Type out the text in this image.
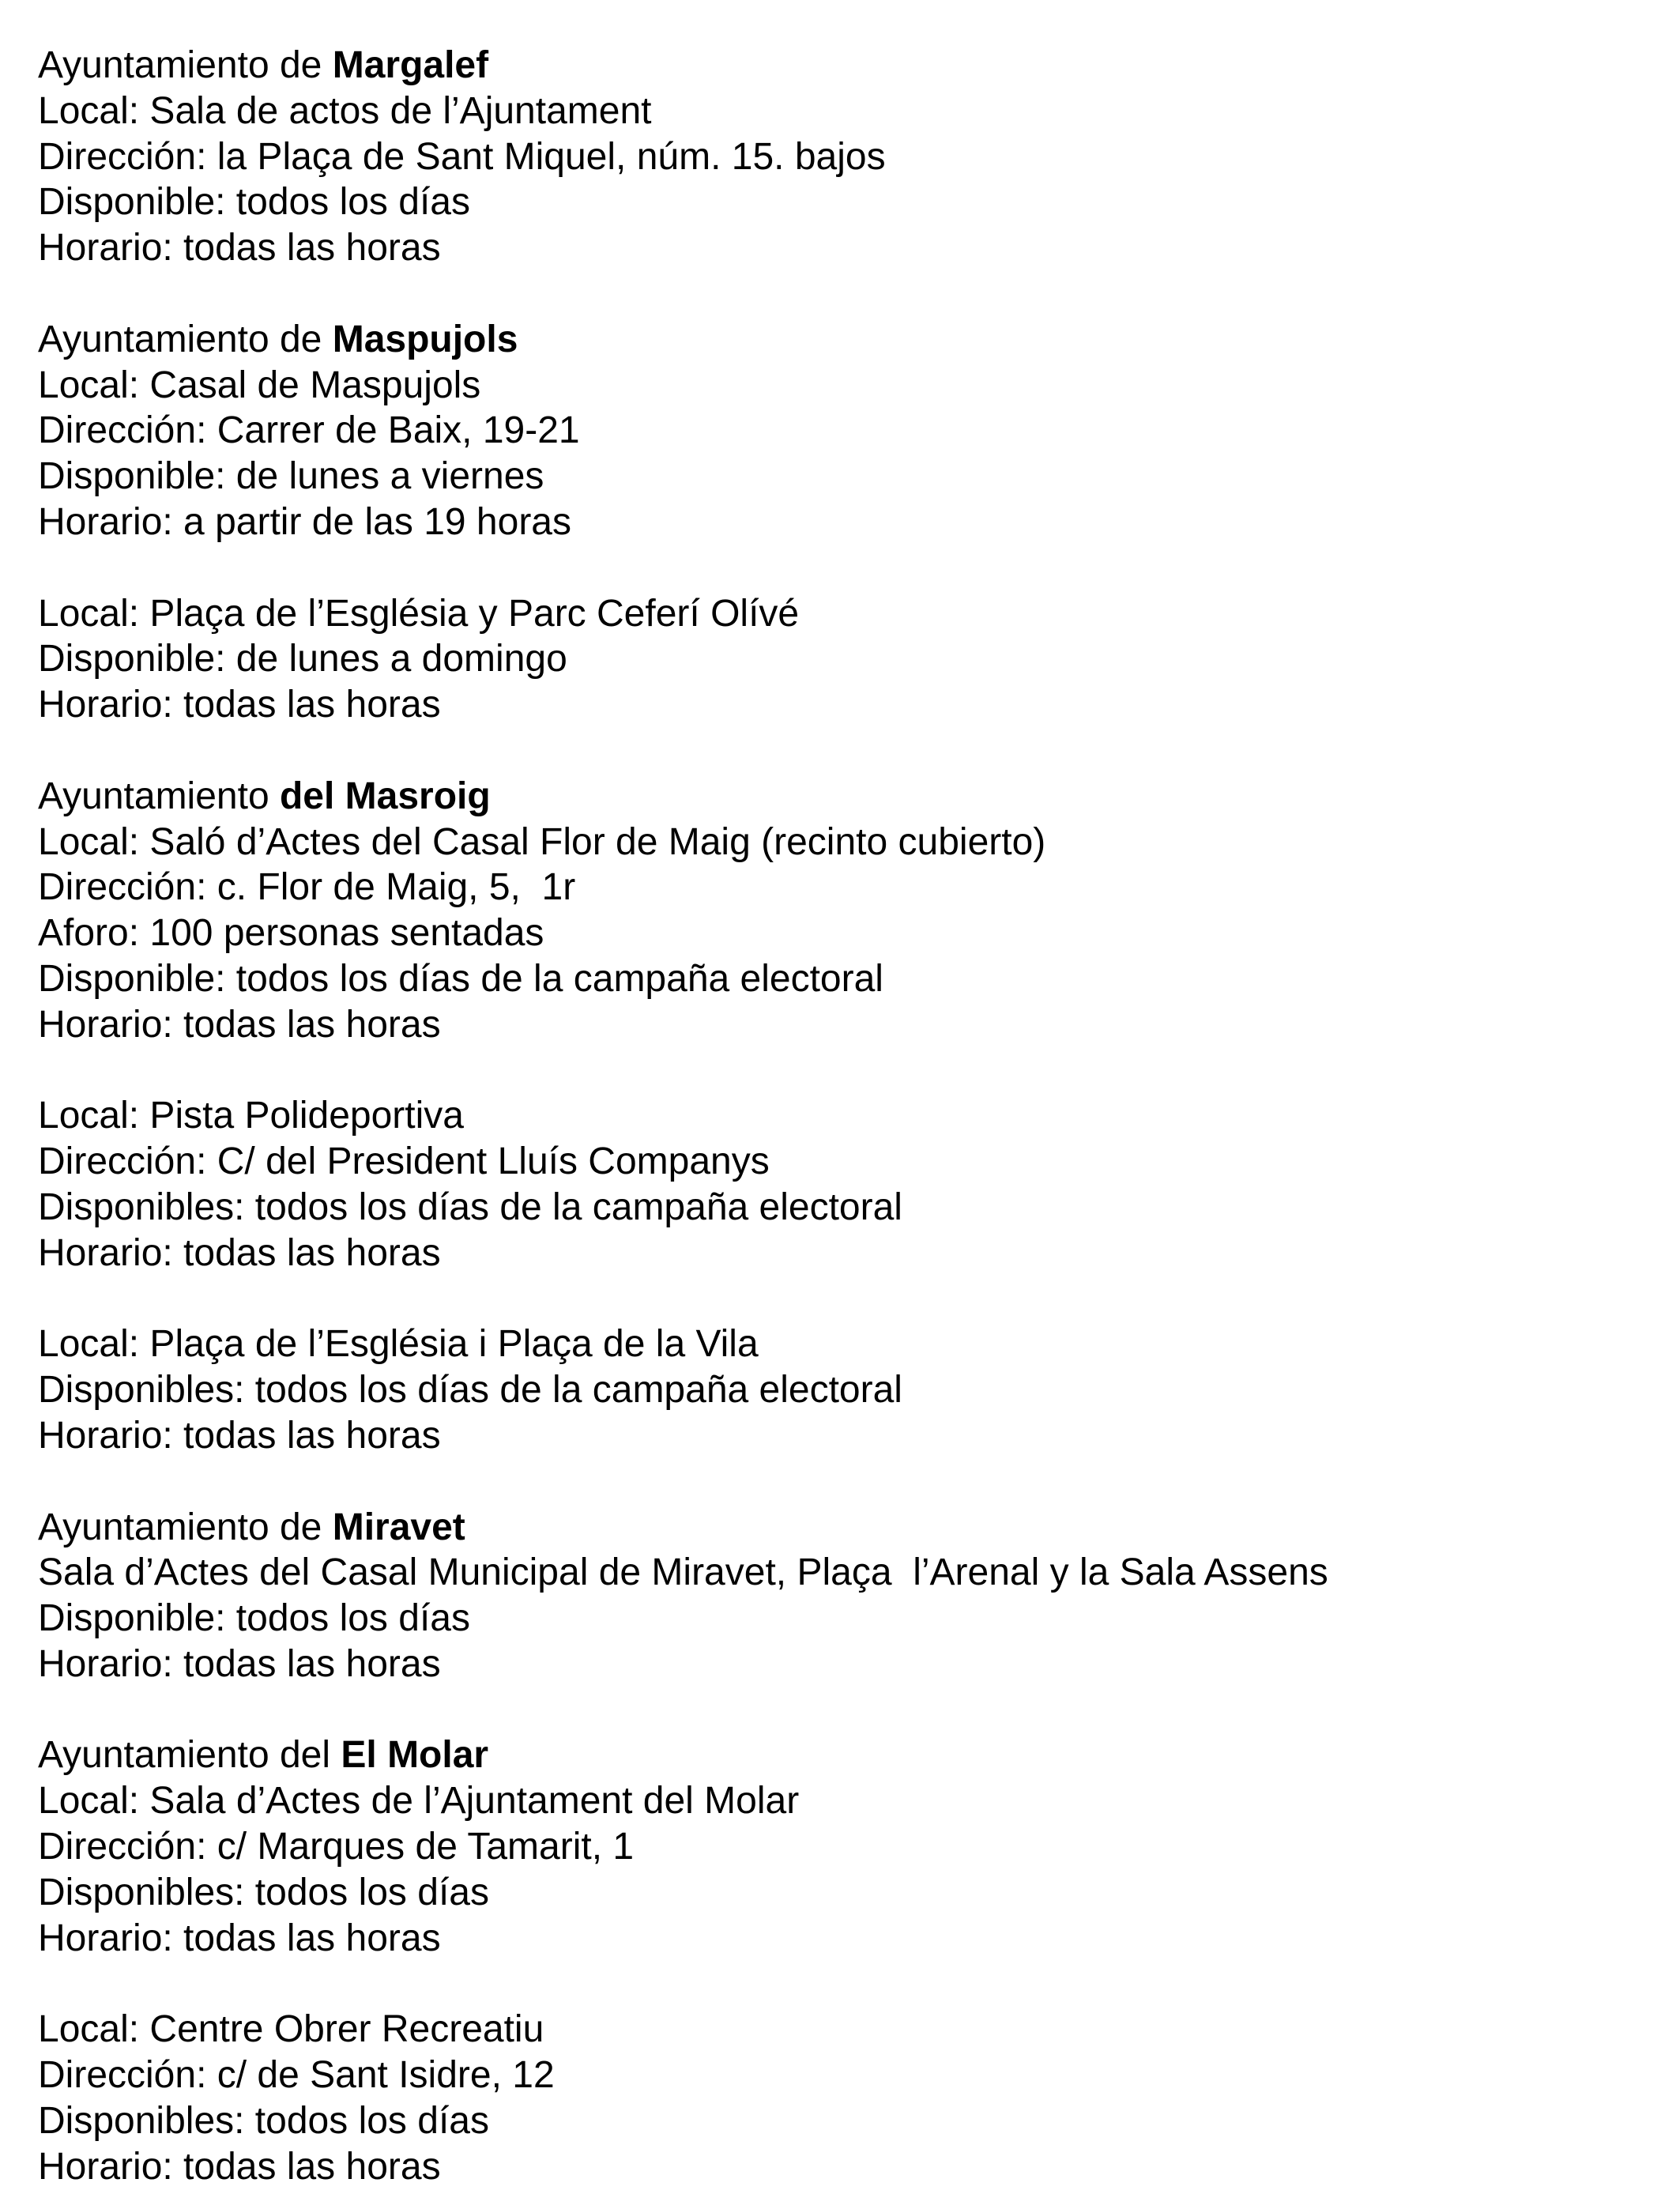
Ayuntamiento de Margalef
Local: Sala de actos de l’Ajuntament
Dirección: la Plaça de Sant Miquel, núm. 15. bajos
Disponible: todos los días
Horario: todas las horas
Ayuntamiento de Maspujols
Local: Casal de Maspujols
Dirección: Carrer de Baix, 19-21
Disponible: de lunes a viernes
Horario: a partir de las 19 horas
Local: Plaça de l’Església y Parc Ceferí Olívé
Disponible: de lunes a domingo
Horario: todas las horas
Ayuntamiento del Masroig
Local: Saló d’Actes del Casal Flor de Maig (recinto cubierto)
Dirección: c. Flor de Maig, 5,  1r
Aforo: 100 personas sentadas
Disponible: todos los días de la campaña electoral
Horario: todas las horas
Local: Pista Polideportiva
Dirección: C/ del President Lluís Companys
Disponibles: todos los días de la campaña electoral
Horario: todas las horas
Local: Plaça de l’Església i Plaça de la Vila
Disponibles: todos los días de la campaña electoral
Horario: todas las horas
Ayuntamiento de Miravet
Sala d’Actes del Casal Municipal de Miravet, Plaça  l’Arenal y la Sala Assens
Disponible: todos los días
Horario: todas las horas
Ayuntamiento del El Molar
Local: Sala d’Actes de l’Ajuntament del Molar
Dirección: c/ Marques de Tamarit, 1
Disponibles: todos los días
Horario: todas las horas
Local: Centre Obrer Recreatiu
Dirección: c/ de Sant Isidre, 12
Disponibles: todos los días
Horario: todas las horas
